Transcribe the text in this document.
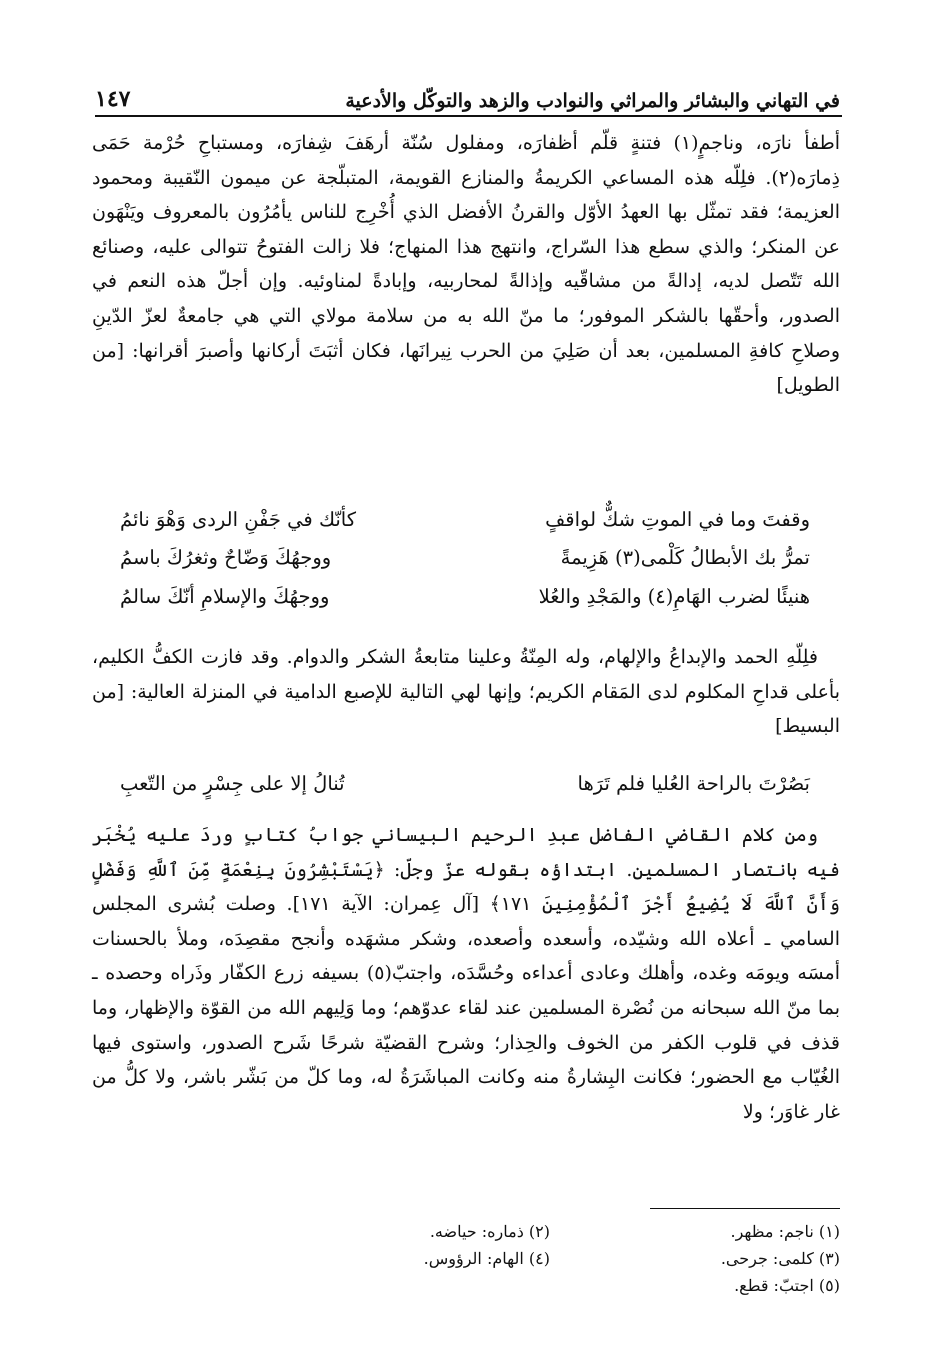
في التهاني والبشائر والمراثي والنوادب والزهد والتوكّل والأدعية
١٤٧

أطفأ نارَه، وناجمٍ(١) فتنةٍ قلّم أظفارَه، ومفلول سُنّة أرهَفَ شِفارَه، ومستباحِ حُرْمة حَمَى ذِمارَه(٢). فلِلّه هذه المساعي الكريمةُ والمنازع القويمة، المتبلّجة عن ميمون النّقيبة ومحمود العزيمة؛ فقد تمثّل بها العهدُ الأوّل والقرنُ الأفضل الذي أُخْرِج للناس يأمُرُون بالمعروف ويَنْهَون عن المنكر؛ والذي سطع هذا السّراج، وانتهج هذا المنهاج؛ فلا زالت الفتوحُ تتوالى عليه، وصنائع الله تَتّصل لديه، إدالةً من مشاقّيه وإذالةً لمحاربيه، وإبادةً لمناوئيه. وإن أجلّ هذه النعم في الصدور، وأحقّها بالشكر الموفور؛ ما منّ الله به من سلامة مولاي التي هي جامعةٌ لعزّ الدّينِ وصلاحِ كافةِ المسلمين، بعد أن صَلِيَ من الحرب نِيرانَها، فكان أثبَتَ أركانها وأصبرَ أقرانها: [من الطويل]

وقفتَ وما في الموتِ شكٌّ لواقفٍ
كأنّك في جَفْنِ الردى وَهْوَ نائمُ
تمرُّ بك الأبطالُ كَلْمى(٣) هَزِيمةً
ووجهُكَ وَضّاحٌ وثغرُكَ باسمُ
هنيئًا لضرب الهَامِ(٤) والمَجْدِ والعُلا
ووجهُكَ والإسلامِ أنّكَ سالمُ

فلِلّهِ الحمد والإبداعُ والإلهام، وله المِنّةُ وعلينا متابعةُ الشكر والدوام. وقد فازت الكفُّ الكليم، بأعلى قداحِ المكلوم لدى المَقام الكريم؛ وإنها لهي التالية للإصبع الدامية في المنزلة العالية: [من البسيط]

بَصُرْتَ بالراحة العُليا فلم تَرَها
تُنالُ إلا على جِسْرٍ من التّعبِ

ومن كلام القاضي الفاضل عبدِ الرحيم البيساني جوابُ كتابٍ وردَ عليه يُخْبَر فيه بانتصار المسلمين. ابتداؤه بقوله عزّ وجلّ: ﴿يَسْتَبْشِرُونَ بِنِعْمَةٍ مِّنَ ٱللَّهِ وَفَضْلٍ وَأَنَّ ٱللَّهَ لَا يُضِيعُ أَجْرَ ٱلْمُؤْمِنِينَ ١٧١﴾ [آل عِمران: الآية ١٧١]. وصلت بُشرى المجلس السامي ـ أعلاه الله وشيّده، وأسعده وأصعده، وشكر مشهَده وأنجح مقصِدَه، وملأ بالحسنات أمسَه ويومَه وغده، وأهلك وعادى أعداءه وحُسَّدَه، واجتبّ(٥) بسيفه زرع الكفّار وذَراه وحصده ـ بما منّ الله سبحانه من نُصْرة المسلمين عند لقاء عدوّهم؛ وما وَلِيهم الله من القوّة والإظهار، وما قذف في قلوب الكفر من الخوف والحِذار؛ وشرح القضيّة شرحًا شَرح الصدور، واستوى فيها الغُيّاب مع الحضور؛ فكانت البِشارةُ منه وكانت المباشَرَةُ له، وما كلّ من بَشّر باشر، ولا كلُّ من غار غاوَر؛ ولا

(١) ناجم: مظهر.
(٢) ذماره: حياضه.
(٣) كلمى: جرحى.
(٤) الهام: الرؤوس.
(٥) اجتبّ: قطع.
